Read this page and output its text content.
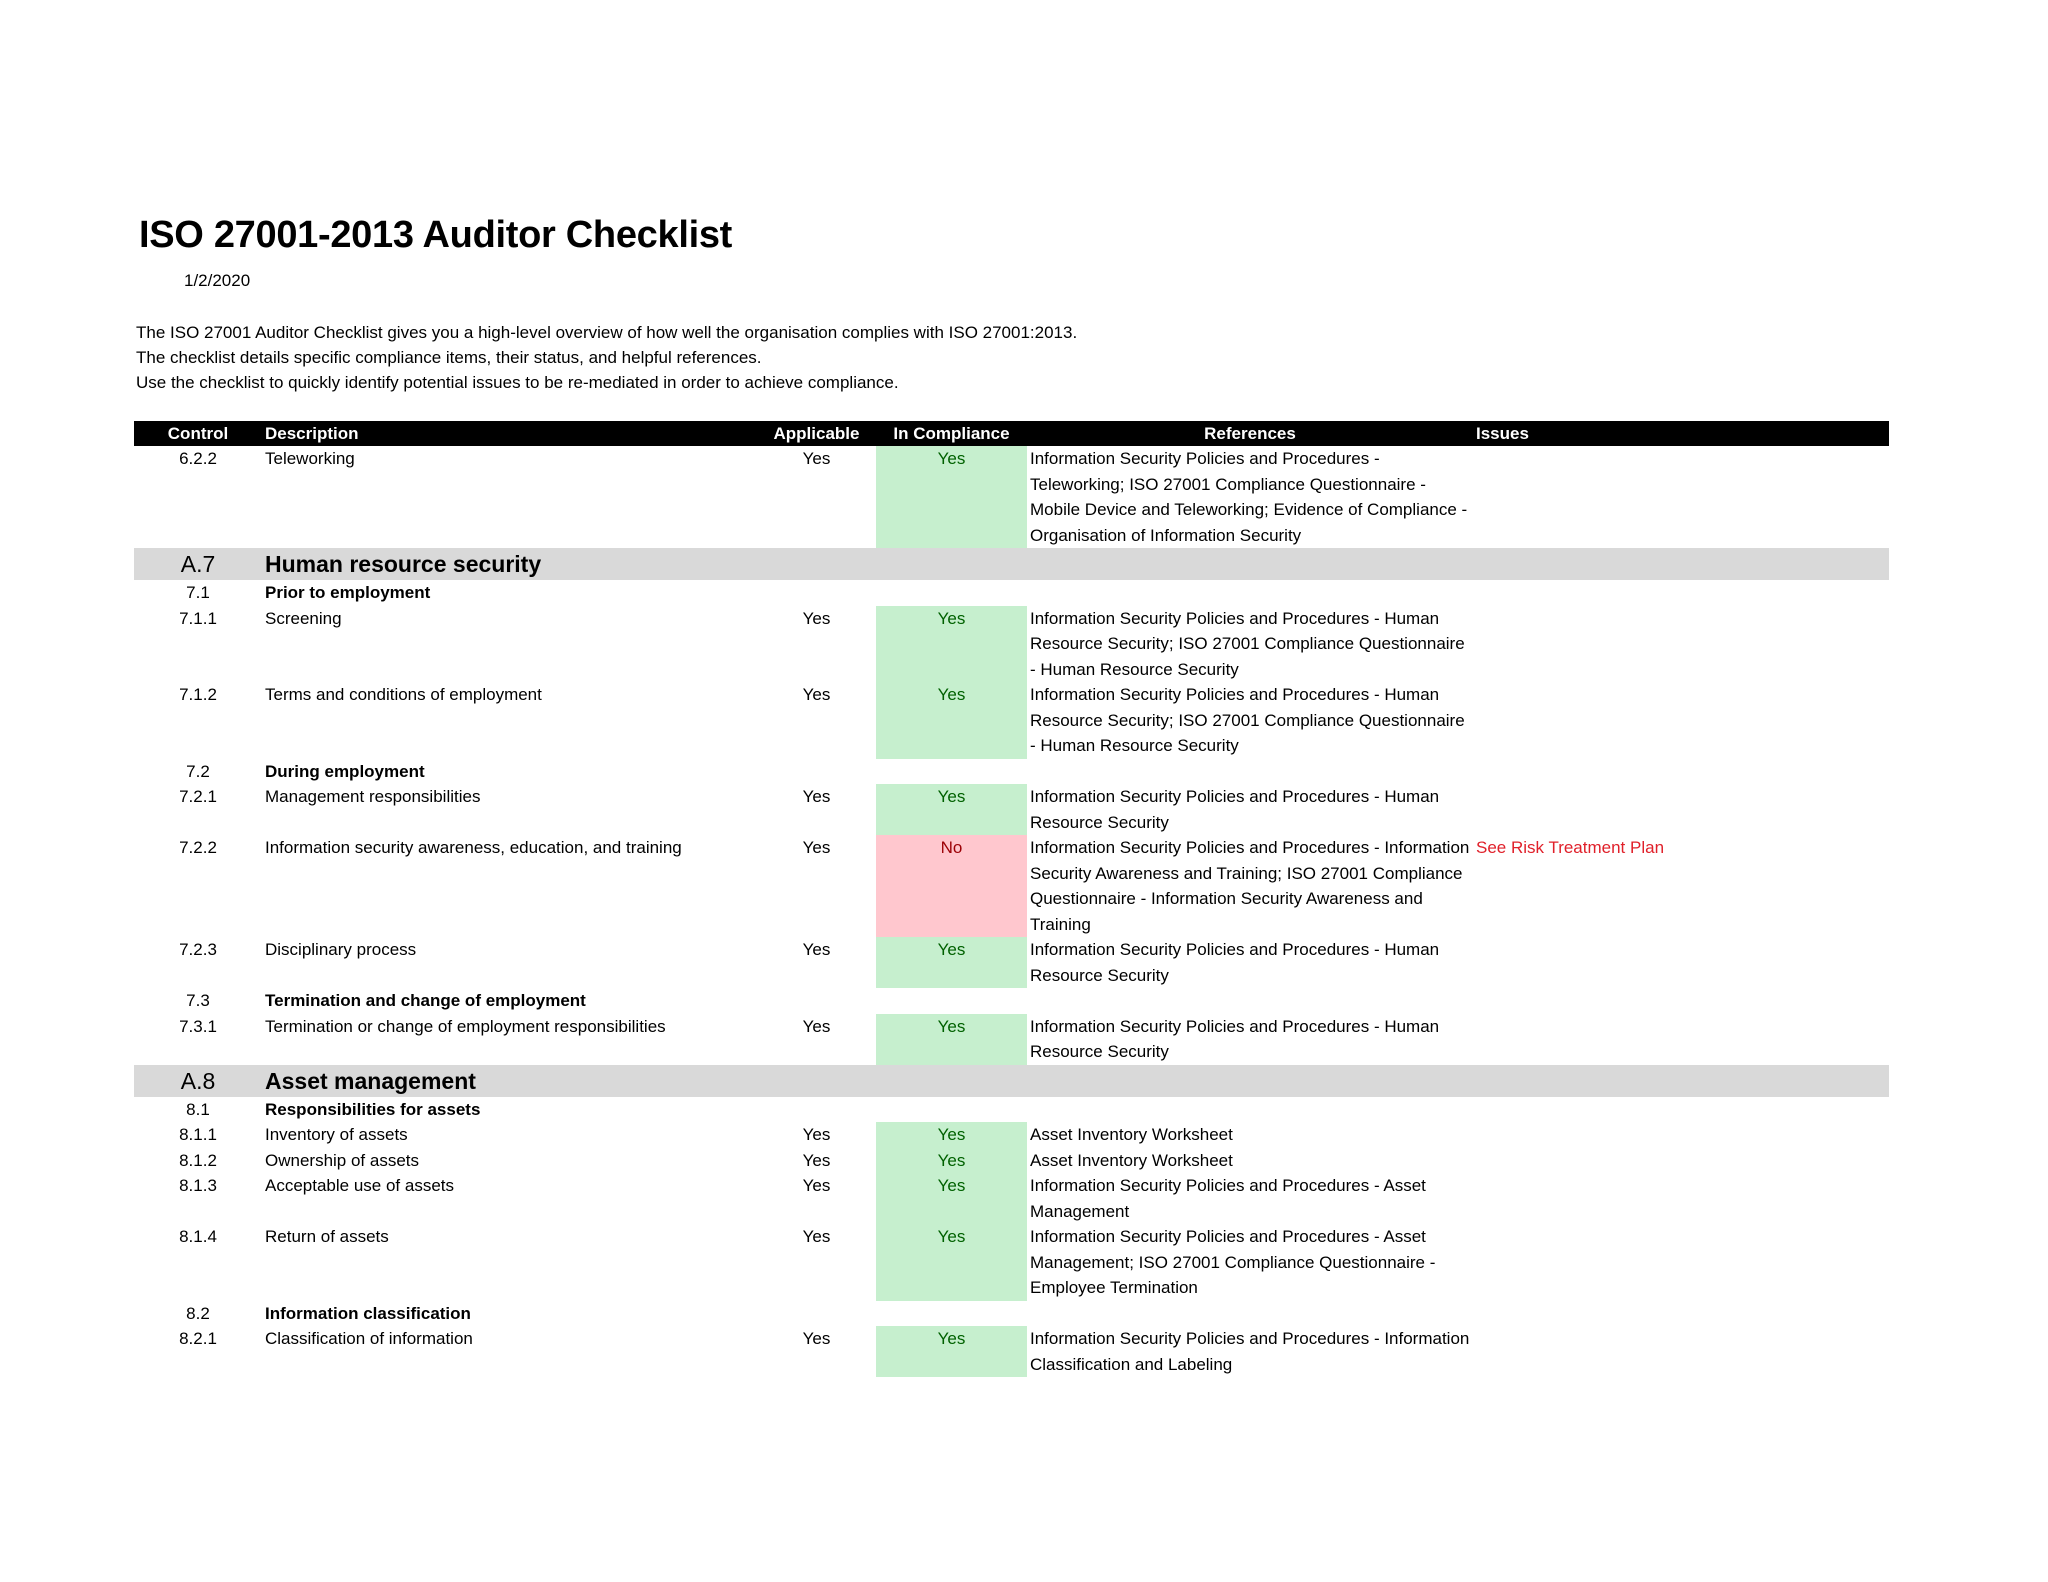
ISO 27001-2013 Auditor Checklist
1/2/2020
The ISO 27001 Auditor Checklist gives you a high-level overview of how well the organisation complies with ISO 27001:2013.
The checklist details specific compliance items, their status, and helpful references.
Use the checklist to quickly identify potential issues to be re-mediated in order to achieve compliance.
Control	Description	Applicable	In Compliance	References	Issues
6.2.2	Teleworking	Yes	Yes	Information Security Policies and Procedures - Teleworking; ISO 27001 Compliance Questionnaire - Mobile Device and Teleworking; Evidence of Compliance - Organisation of Information Security	
A.7	Human resource security				
7.1	Prior to employment				
7.1.1	Screening	Yes	Yes	Information Security Policies and Procedures - Human Resource Security; ISO 27001 Compliance Questionnaire - Human Resource Security	
7.1.2	Terms and conditions of employment	Yes	Yes	Information Security Policies and Procedures - Human Resource Security; ISO 27001 Compliance Questionnaire - Human Resource Security	
7.2	During employment				
7.2.1	Management responsibilities	Yes	Yes	Information Security Policies and Procedures - Human Resource Security	
7.2.2	Information security awareness, education, and training	Yes	No	Information Security Policies and Procedures - Information Security Awareness and Training; ISO 27001 Compliance Questionnaire - Information Security Awareness and Training	See Risk Treatment Plan
7.2.3	Disciplinary process	Yes	Yes	Information Security Policies and Procedures - Human Resource Security	
7.3	Termination and change of employment				
7.3.1	Termination or change of employment responsibilities	Yes	Yes	Information Security Policies and Procedures - Human Resource Security	
A.8	Asset management				
8.1	Responsibilities for assets				
8.1.1	Inventory of assets	Yes	Yes	Asset Inventory Worksheet	
8.1.2	Ownership of assets	Yes	Yes	Asset Inventory Worksheet	
8.1.3	Acceptable use of assets	Yes	Yes	Information Security Policies and Procedures - Asset Management	
8.1.4	Return of assets	Yes	Yes	Information Security Policies and Procedures - Asset Management; ISO 27001 Compliance Questionnaire - Employee Termination	
8.2	Information classification				
8.2.1	Classification of information	Yes	Yes	Information Security Policies and Procedures - Information Classification and Labeling	
